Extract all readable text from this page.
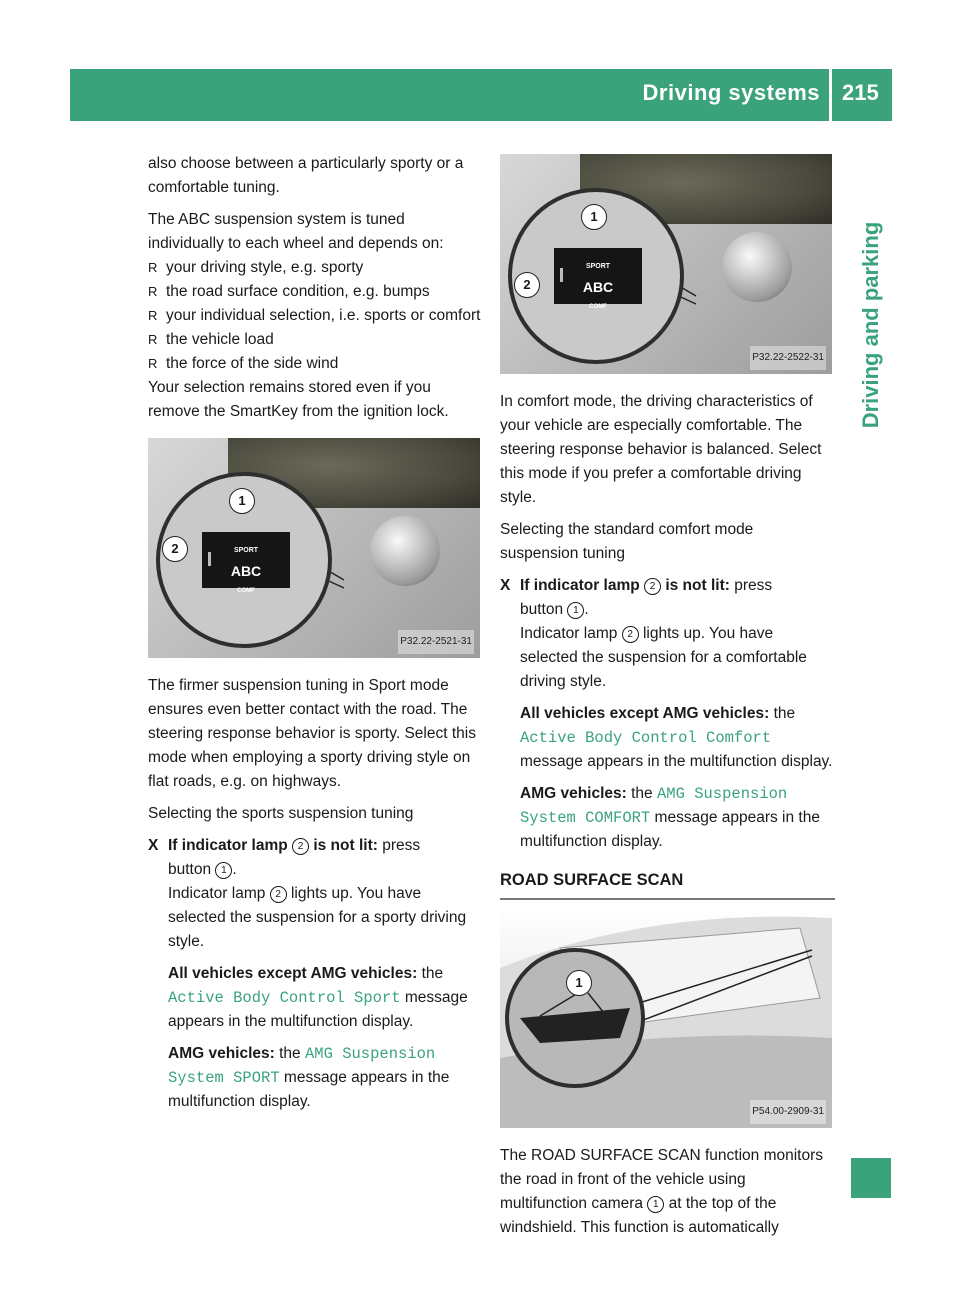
Driving systems 215
Driving and parking

also choose between a particularly sporty or a comfortable tuning.

The ABC suspension system is tuned individually to each wheel and depends on:

R your driving style, e.g. sporty

R the road surface condition, e.g. bumps

R your individual selection, i.e. sports or comfort

R the vehicle load

R the force of the side wind

Your selection remains stored even if you remove the SmartKey from the ignition lock.

SPORT
ABC
COMF
1
2
P32.22-2521-31

The firmer suspension tuning in Sport mode ensures even better contact with the road. The steering response behavior is sporty. Select this mode when employing a sporty driving style on flat roads, e.g. on highways.

Selecting the sports suspension tuning

X If indicator lamp 2 is not lit: press

button 1 .

Indicator lamp 2 lights up. You have selected the suspension for a sporty driving style.

All vehicles except AMG vehicles: the
Active Body Control Sport message appears in the multifunction display.

AMG vehicles: the AMG Suspension
System SPORT message appears in the multifunction display.

SPORT
ABC
COMF
1
2
P32.22-2522-31

In comfort mode, the driving characteristics of your vehicle are especially comfortable. The steering response behavior is balanced. Select this mode if you prefer a comfortable driving style.

Selecting the standard comfort mode suspension tuning

X If indicator lamp 2 is not lit: press

button 1 .

Indicator lamp 2 lights up. You have selected the suspension for a comfortable driving style.

All vehicles except AMG vehicles: the
Active Body Control Comfort message appears in the multifunction display.

AMG vehicles: the AMG Suspension
System COMFORT message appears in the multifunction display.

ROAD SURFACE SCAN

1
P54.00-2909-31

The ROAD SURFACE SCAN function monitors the road in front of the vehicle using multifunction camera 1 at the top of the windshield. This function is automatically
